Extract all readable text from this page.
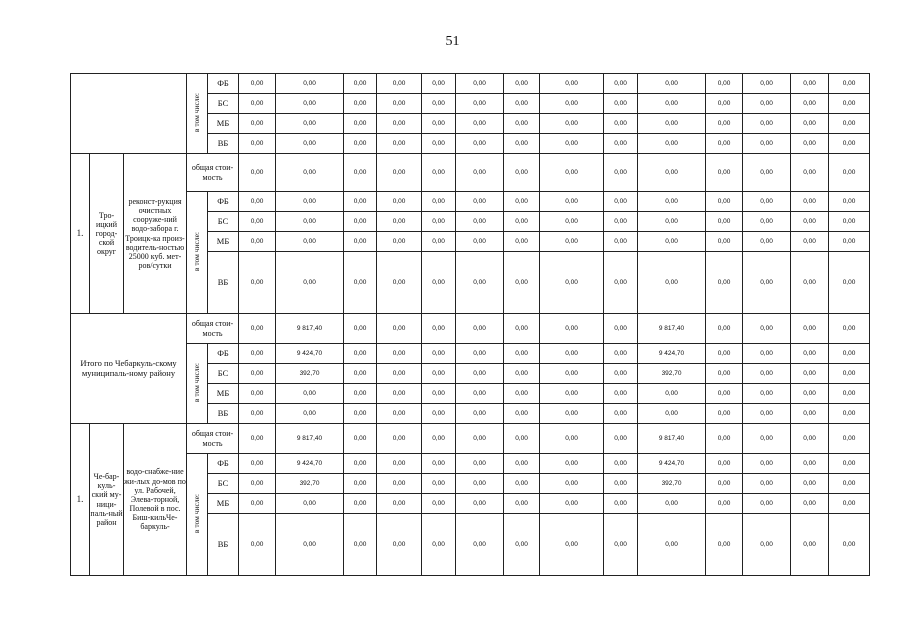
51
			в том числе:	ФБ	0,00	0,00	0,00	0,00	0,00	0,00	0,00	0,00	0,00	0,00	0,00	0,00	0,00	0,00
				БС	0,00	0,00	0,00	0,00	0,00	0,00	0,00	0,00	0,00	0,00	0,00	0,00	0,00	0,00
				МБ	0,00	0,00	0,00	0,00	0,00	0,00	0,00	0,00	0,00	0,00	0,00	0,00	0,00	0,00
				ВБ	0,00	0,00	0,00	0,00	0,00	0,00	0,00	0,00	0,00	0,00	0,00	0,00	0,00	0,00
1.	Тро-ицкий город-ской округ	реконст-рукция очистных сооруже-ний водо-забора г. Троицк-ка произ-водитель-ностью 25000 куб. мет-ров/сутки	общая стои-мость		0,00	0,00	0,00	0,00	0,00	0,00	0,00	0,00	0,00	0,00	0,00	0,00	0,00	0,00
			в том числе:	ФБ	0,00	0,00	0,00	0,00	0,00	0,00	0,00	0,00	0,00	0,00	0,00	0,00	0,00	0,00
				БС	0,00	0,00	0,00	0,00	0,00	0,00	0,00	0,00	0,00	0,00	0,00	0,00	0,00	0,00
				МБ	0,00	0,00	0,00	0,00	0,00	0,00	0,00	0,00	0,00	0,00	0,00	0,00	0,00	0,00
				ВБ	0,00	0,00	0,00	0,00	0,00	0,00	0,00	0,00	0,00	0,00	0,00	0,00	0,00	0,00
Итого по Чебаркуль-скому муниципаль-ному району			общая стои-мость		0,00	9 817,40	0,00	0,00	0,00	0,00	0,00	0,00	0,00	9 817,40	0,00	0,00	0,00	0,00
			в том числе:	ФБ	0,00	9 424,70	0,00	0,00	0,00	0,00	0,00	0,00	0,00	9 424,70	0,00	0,00	0,00	0,00
				БС	0,00	392,70	0,00	0,00	0,00	0,00	0,00	0,00	0,00	392,70	0,00	0,00	0,00	0,00
				МБ	0,00	0,00	0,00	0,00	0,00	0,00	0,00	0,00	0,00	0,00	0,00	0,00	0,00	0,00
				ВБ	0,00	0,00	0,00	0,00	0,00	0,00	0,00	0,00	0,00	0,00	0,00	0,00	0,00	0,00
1.	Че-бар-куль-ский му-ници-паль-ный район	водо-снабже-ние жи-лых до-мов по ул. Рабочей, Элева-торной, Полевой в пос. Биш-кильЧе-баркуль-	общая стои-мость		0,00	9 817,40	0,00	0,00	0,00	0,00	0,00	0,00	0,00	9 817,40	0,00	0,00	0,00	0,00
			в том числе:	ФБ	0,00	9 424,70	0,00	0,00	0,00	0,00	0,00	0,00	0,00	9 424,70	0,00	0,00	0,00	0,00
				БС	0,00	392,70	0,00	0,00	0,00	0,00	0,00	0,00	0,00	392,70	0,00	0,00	0,00	0,00
				МБ	0,00	0,00	0,00	0,00	0,00	0,00	0,00	0,00	0,00	0,00	0,00	0,00	0,00	0,00
				ВБ	0,00	0,00	0,00	0,00	0,00	0,00	0,00	0,00	0,00	0,00	0,00	0,00	0,00	0,00
